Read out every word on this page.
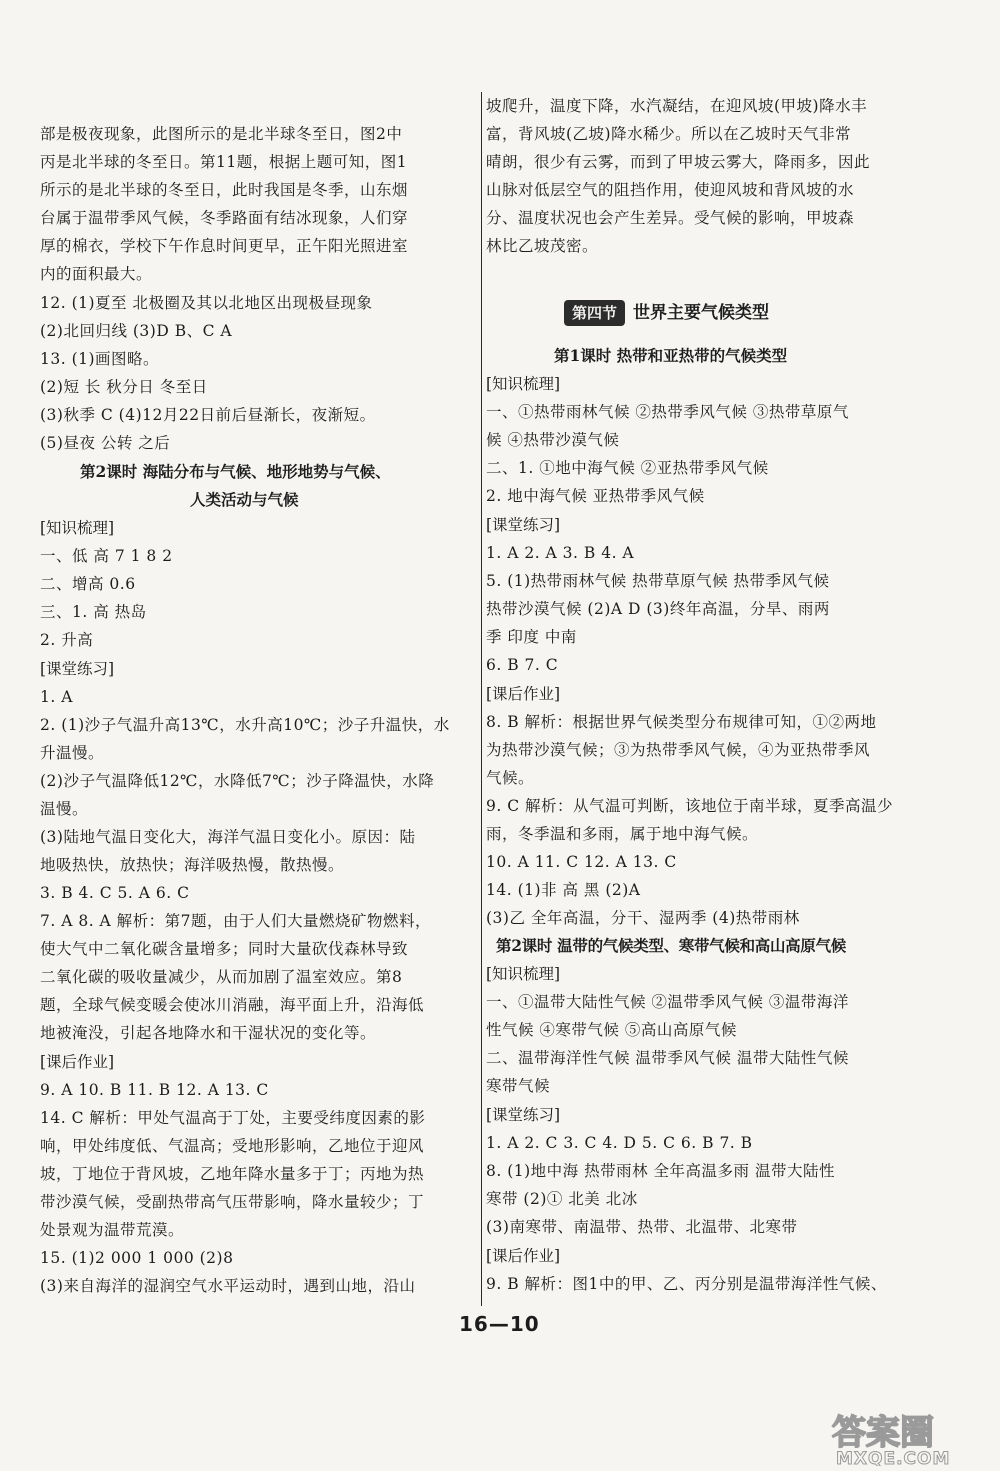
部是极夜现象，此图所示的是北半球冬至日，图2中
丙是北半球的冬至日。第11题，根据上题可知，图1
所示的是北半球的冬至日，此时我国是冬季，山东烟
台属于温带季风气候，冬季路面有结冰现象，人们穿
厚的棉衣，学校下午作息时间更早，正午阳光照进室
内的面积最大。
12. (1)夏至 北极圈及其以北地区出现极昼现象
(2)北回归线 (3)D B、C A
13. (1)画图略。
(2)短 长 秋分日 冬至日
(3)秋季 C (4)12月22日前后昼渐长，夜渐短。
(5)昼夜 公转 之后
第2课时 海陆分布与气候、地形地势与气候、
人类活动与气候
[知识梳理]
一、低 高 7 1 8 2
二、增高 0.6
三、1. 高 热岛
2. 升高
[课堂练习]
1. A
2. (1)沙子气温升高13℃，水升高10℃；沙子升温快，水
升温慢。
(2)沙子气温降低12℃，水降低7℃；沙子降温快，水降
温慢。
(3)陆地气温日变化大，海洋气温日变化小。原因：陆
地吸热快，放热快；海洋吸热慢，散热慢。
3. B 4. C 5. A 6. C
7. A 8. A 解析：第7题，由于人们大量燃烧矿物燃料，
使大气中二氧化碳含量增多；同时大量砍伐森林导致
二氧化碳的吸收量减少，从而加剧了温室效应。第8
题，全球气候变暖会使冰川消融，海平面上升，沿海低
地被淹没，引起各地降水和干湿状况的变化等。
[课后作业]
9. A 10. B 11. B 12. A 13. C
14. C 解析：甲处气温高于丁处，主要受纬度因素的影
响，甲处纬度低、气温高；受地形影响，乙地位于迎风
坡，丁地位于背风坡，乙地年降水量多于丁；丙地为热
带沙漠气候，受副热带高气压带影响，降水量较少；丁
处景观为温带荒漠。
15. (1)2 000 1 000 (2)8
(3)来自海洋的湿润空气水平运动时，遇到山地，沿山
坡爬升，温度下降，水汽凝结，在迎风坡(甲坡)降水丰
富，背风坡(乙坡)降水稀少。所以在乙坡时天气非常
晴朗，很少有云雾，而到了甲坡云雾大，降雨多，因此
山脉对低层空气的阻挡作用，使迎风坡和背风坡的水
分、温度状况也会产生差异。受气候的影响，甲坡森
林比乙坡茂密。
第四节 世界主要气候类型
第1课时 热带和亚热带的气候类型
[知识梳理]
一、①热带雨林气候 ②热带季风气候 ③热带草原气
候 ④热带沙漠气候
二、1. ①地中海气候 ②亚热带季风气候
2. 地中海气候 亚热带季风气候
[课堂练习]
1. A 2. A 3. B 4. A
5. (1)热带雨林气候 热带草原气候 热带季风气候
热带沙漠气候 (2)A D (3)终年高温，分旱、雨两
季 印度 中南
6. B 7. C
[课后作业]
8. B 解析：根据世界气候类型分布规律可知，①②两地
为热带沙漠气候；③为热带季风气候，④为亚热带季风
气候。
9. C 解析：从气温可判断，该地位于南半球，夏季高温少
雨，冬季温和多雨，属于地中海气候。
10. A 11. C 12. A 13. C
14. (1)非 高 黑 (2)A
(3)乙 全年高温，分干、湿两季 (4)热带雨林
第2课时 温带的气候类型、寒带气候和高山高原气候
[知识梳理]
一、①温带大陆性气候 ②温带季风气候 ③温带海洋
性气候 ④寒带气候 ⑤高山高原气候
二、温带海洋性气候 温带季风气候 温带大陆性气候
寒带气候
[课堂练习]
1. A 2. C 3. C 4. D 5. C 6. B 7. B
8. (1)地中海 热带雨林 全年高温多雨 温带大陆性
寒带 (2)① 北美 北冰
(3)南寒带、南温带、热带、北温带、北寒带
[课后作业]
9. B 解析：图1中的甲、乙、丙分别是温带海洋性气候、
16—10
答案圈
MXQE.COM
